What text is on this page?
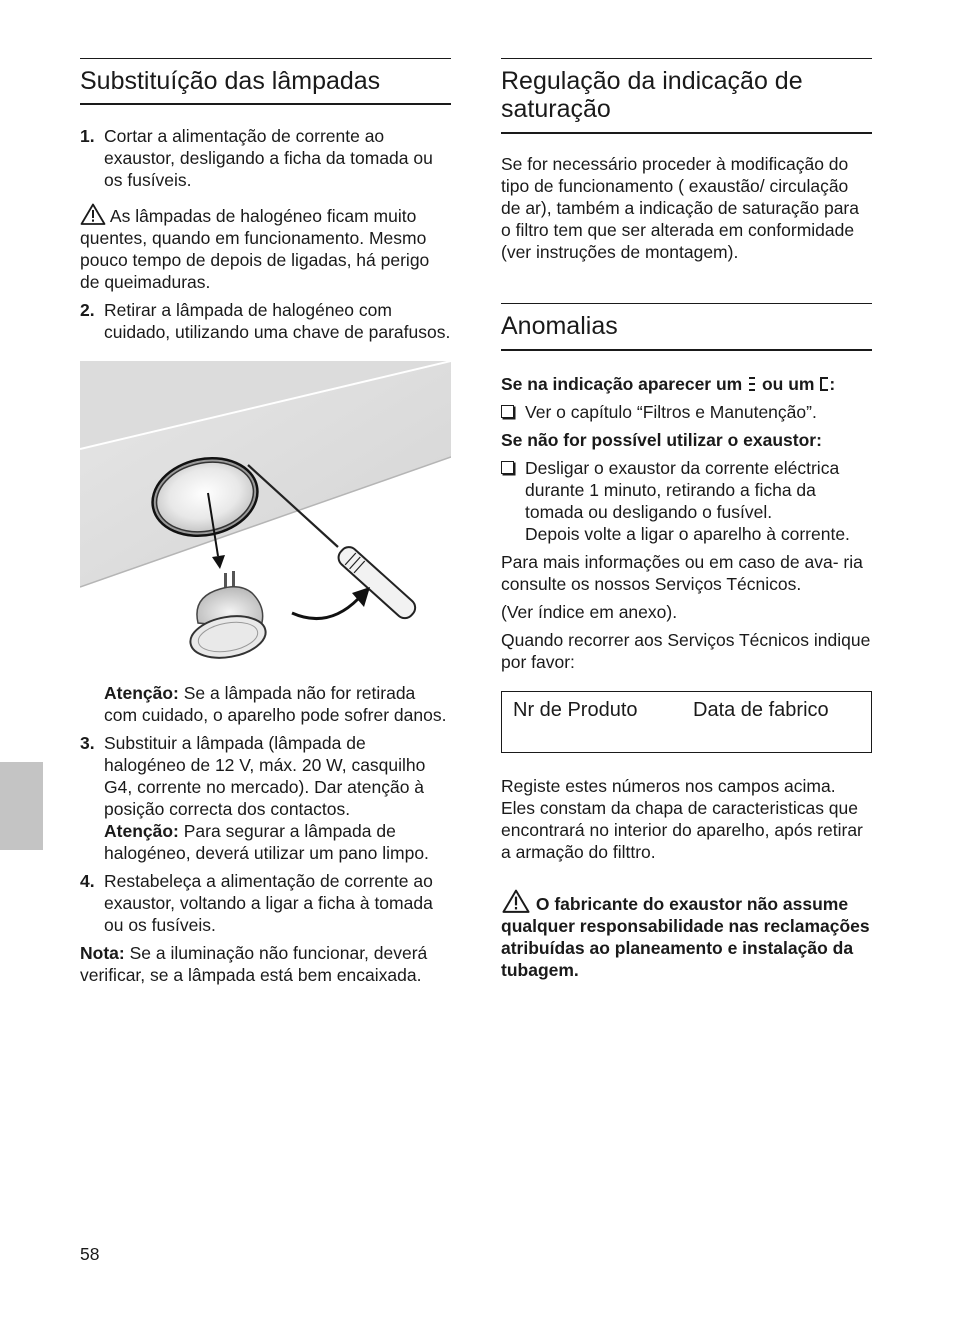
Substituíção das lâmpadas
1. Cortar a alimentação de corrente ao exaustor, desligando a ficha da tomada ou os fusíveis.

As lâmpadas de halogéneo ficam muito quentes, quando em funcionamento. Mesmo pouco tempo de depois de ligadas, há perigo de queimaduras.

2. Retirar a lâmpada de halogéneo com cuidado, utilizando uma chave de parafusos.

Atenção: Se a lâmpada não for retirada com cuidado, o aparelho pode sofrer danos.

3. Substituir a lâmpada (lâmpada de halogéneo de 12 V, máx. 20 W, casquilho G4, corrente no mercado). Dar atenção à posição correcta dos contactos.
Atenção: Para segurar a lâmpada de halogéneo, deverá utilizar um pano limpo.
4. Restabeleça a alimentação de corrente ao exaustor, voltando a ligar a ficha à tomada ou os fusíveis.

Nota: Se a iluminação não funcionar, deverá verificar, se a lâmpada está bem encaixada.

Regulação da indicação de saturação

Se for necessário proceder à modificação do tipo de funcionamento ( exaustão/ circulação de ar), também a indicação de saturação para o filtro tem que ser alterada em conformidade (ver instruções de montagem).

Anomalias

Se na indicação aparecer um ou um :

Ver o capítulo “Filtros e Manutenção”.

Se não for possível utilizar o exaustor:

Desligar o exaustor da corrente eléctrica durante 1 minuto, retirando a ficha da tomada ou desligando o fusível.
Depois volte a ligar o aparelho à corrente.

Para mais informações ou em caso de ava- ria consulte os nossos Serviços Técnicos.

(Ver índice em anexo).

Quando recorrer aos Serviços Técnicos indique por favor:

Nr de Produto	Data de fabrico

Registe estes números nos campos acima. Eles constam da chapa de caracteristicas que encontrará no interior do aparelho, após retirar a armação do filttro.

O fabricante do exaustor não assume qualquer responsabilidade nas reclamações atribuídas ao planeamento e instalação da tubagem.

58
